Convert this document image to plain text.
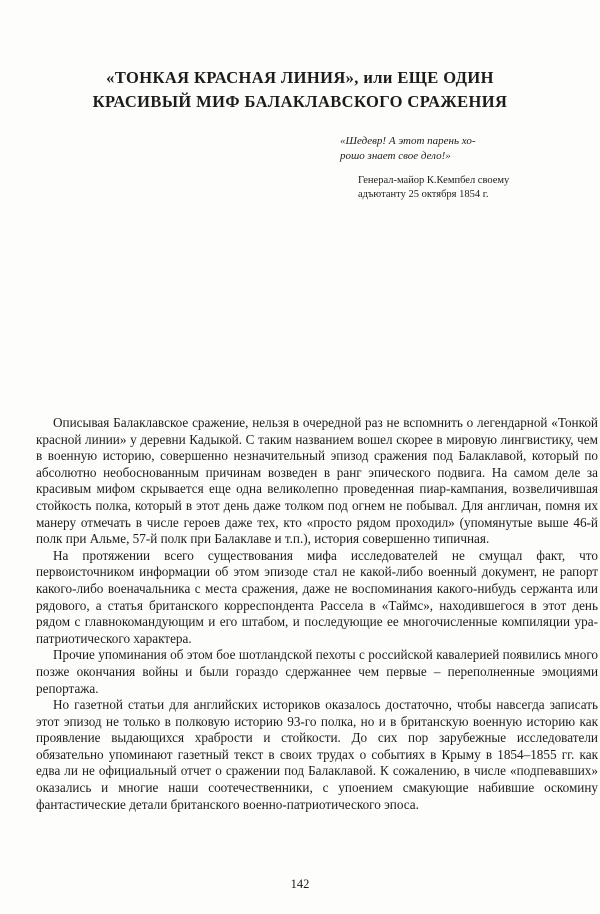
«ТОНКАЯ КРАСНАЯ ЛИНИЯ», или ЕЩЕ ОДИН
КРАСИВЫЙ МИФ БАЛАКЛАВСКОГО СРАЖЕНИЯ
«Шедевр! А этот парень хо-
рошо знает свое дело!»
Генерал-майор К.Кемпбел своему
адъютанту 25 октября 1854 г.

Описывая Балаклавское сражение, нельзя в очередной раз не вспомнить о легендарной «Тонкой красной линии» у деревни Кадыкой. С таким названием вошел скорее в мировую лингвистику, чем в военную историю, совершенно незначительный эпизод сражения под Балаклавой, который по абсолютно необоснованным причинам возведен в ранг эпического подвига. На самом деле за красивым мифом скрывается еще одна великолепно проведенная пиар-кампания, возвеличившая стойкость полка, который в этот день даже толком под огнем не побывал. Для англичан, помня их манеру отмечать в числе героев даже тех, кто «просто рядом проходил» (упомянутые выше 46-й полк при Альме, 57-й полк при Балаклаве и т.п.), история совершенно типичная.

На протяжении всего существования мифа исследователей не смущал факт, что первоисточником информации об этом эпизоде стал не какой-либо военный документ, не рапорт какого-либо военачальника с места сражения, даже не воспоминания какого-нибудь сержанта или рядового, а статья британского корреспондента Рассела в «Таймс», находившегося в этот день рядом с главнокомандующим и его штабом, и последующие ее многочисленные компиляции ура-патриотического характера.

Прочие упоминания об этом бое шотландской пехоты с российской кавалерией появились много позже окончания войны и были гораздо сдержаннее чем первые – переполненные эмоциями репортажа.

Но газетной статьи для английских историков оказалось достаточно, чтобы навсегда записать этот эпизод не только в полковую историю 93-го полка, но и в британскую военную историю как проявление выдающихся храбрости и стойкости. До сих пор зарубежные исследователи обязательно упоминают газетный текст в своих трудах о событиях в Крыму в 1854–1855 гг. как едва ли не официальный отчет о сражении под Балаклавой. К сожалению, в числе «подпевавших» оказались и многие наши соотечественники, с упоением смакующие набившие оскомину фантастические детали британского военно-патриотического эпоса.

142
